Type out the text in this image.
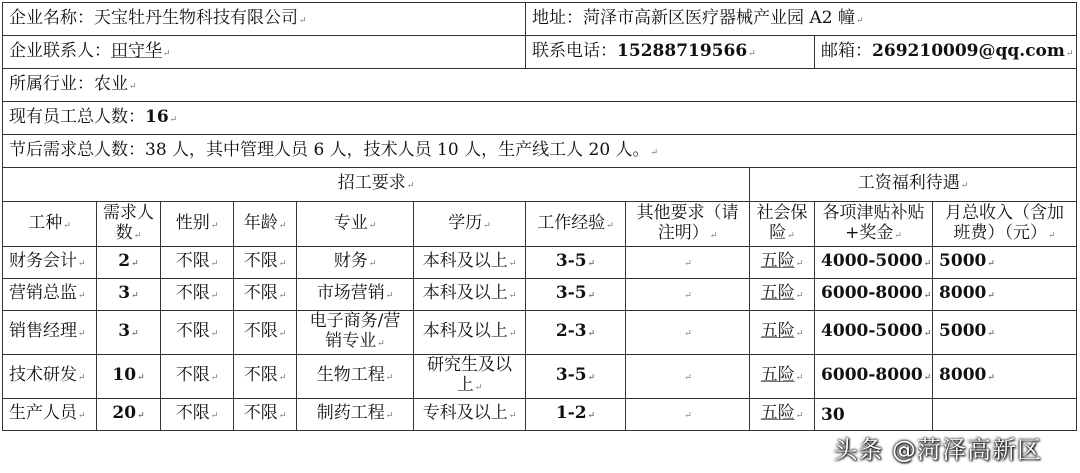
企业名称：天宝牡丹生物科技有限公司↵						地址：菏泽市高新区医疗器械产业园 A2 幢↵				
企业联系人：田守华↵						联系电话：15288719566↵			邮箱：269210009@qq.com↵	
所属行业：农业↵										
现有员工总人数：16↵										
节后需求总人数：38 人，其中管理人员 6 人，技术人员 10 人，生产线工人 20 人。↵										
招工要求↵								工资福利待遇↵		
工种↵	需求人数↵	性别↵	年龄↵	专业↵	学历↵	工作经验↵	其他要求（请注明）↵	社会保险↵	各项津贴补贴+奖金↵	月总收入（含加班费）（元）↵
财务会计↵	2↵	不限↵	不限↵	财务↵	本科及以上↵	3-5↵	↵	五险↵	4000-5000↵	5000↵
营销总监↵	3↵	不限↵	不限↵	市场营销↵	本科及以上↵	3-5↵	↵	五险↵	6000-8000↵	8000↵
销售经理↵	3↵	不限↵	不限↵	电子商务/营销专业↵	本科及以上↵	2-3↵	↵	五险↵	4000-5000↵	5000↵
技术研发↵	10↵	不限↵	不限↵	生物工程↵	研究生及以上↵	3-5↵	↵	五险↵	6000-8000↵	8000↵
生产人员↵	20↵	不限↵	不限↵	制药工程↵	专科及以上↵	1-2↵	↵	五险↵	30	
头条 @菏泽高新区
